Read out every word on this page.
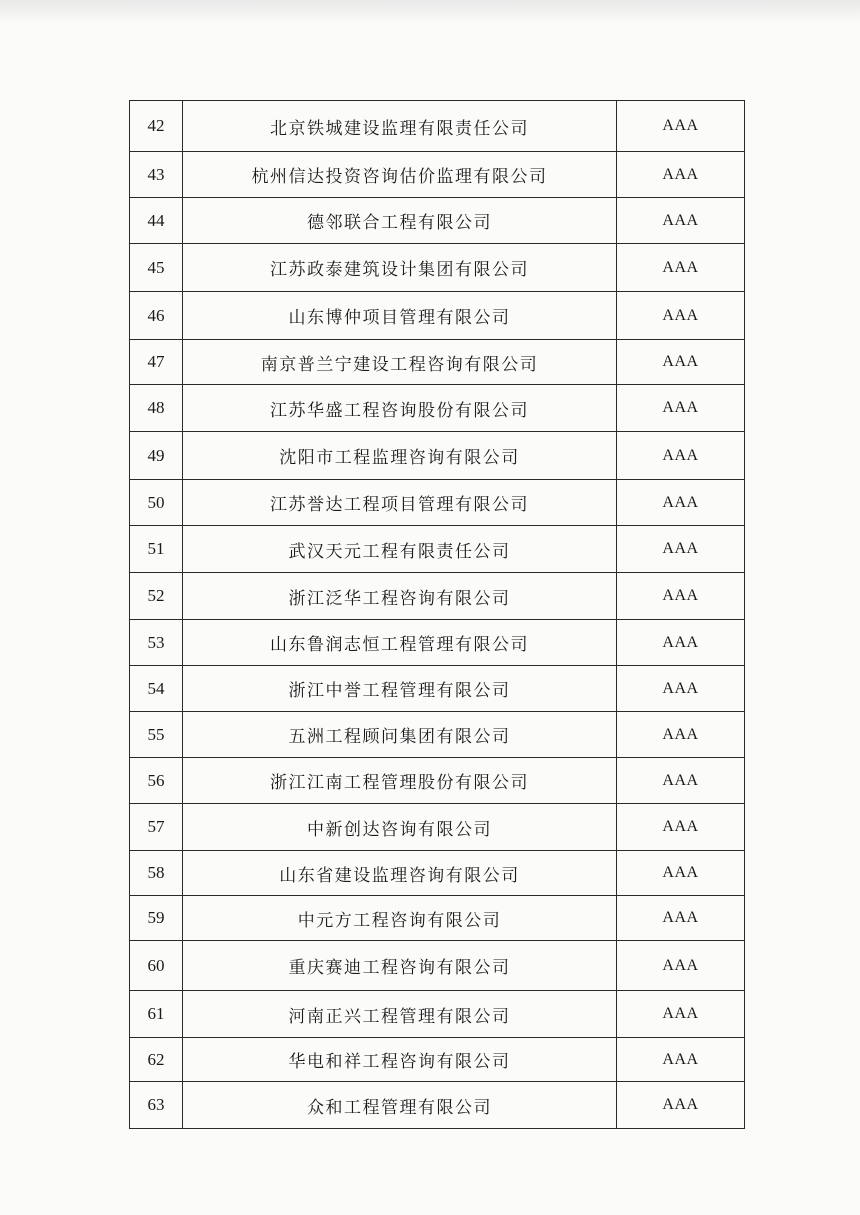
42	北京铁城建设监理有限责任公司	AAA
43	杭州信达投资咨询估价监理有限公司	AAA
44	德邻联合工程有限公司	AAA
45	江苏政泰建筑设计集团有限公司	AAA
46	山东博仲项目管理有限公司	AAA
47	南京普兰宁建设工程咨询有限公司	AAA
48	江苏华盛工程咨询股份有限公司	AAA
49	沈阳市工程监理咨询有限公司	AAA
50	江苏誉达工程项目管理有限公司	AAA
51	武汉天元工程有限责任公司	AAA
52	浙江泛华工程咨询有限公司	AAA
53	山东鲁润志恒工程管理有限公司	AAA
54	浙江中誉工程管理有限公司	AAA
55	五洲工程顾问集团有限公司	AAA
56	浙江江南工程管理股份有限公司	AAA
57	中新创达咨询有限公司	AAA
58	山东省建设监理咨询有限公司	AAA
59	中元方工程咨询有限公司	AAA
60	重庆赛迪工程咨询有限公司	AAA
61	河南正兴工程管理有限公司	AAA
62	华电和祥工程咨询有限公司	AAA
63	众和工程管理有限公司	AAA
